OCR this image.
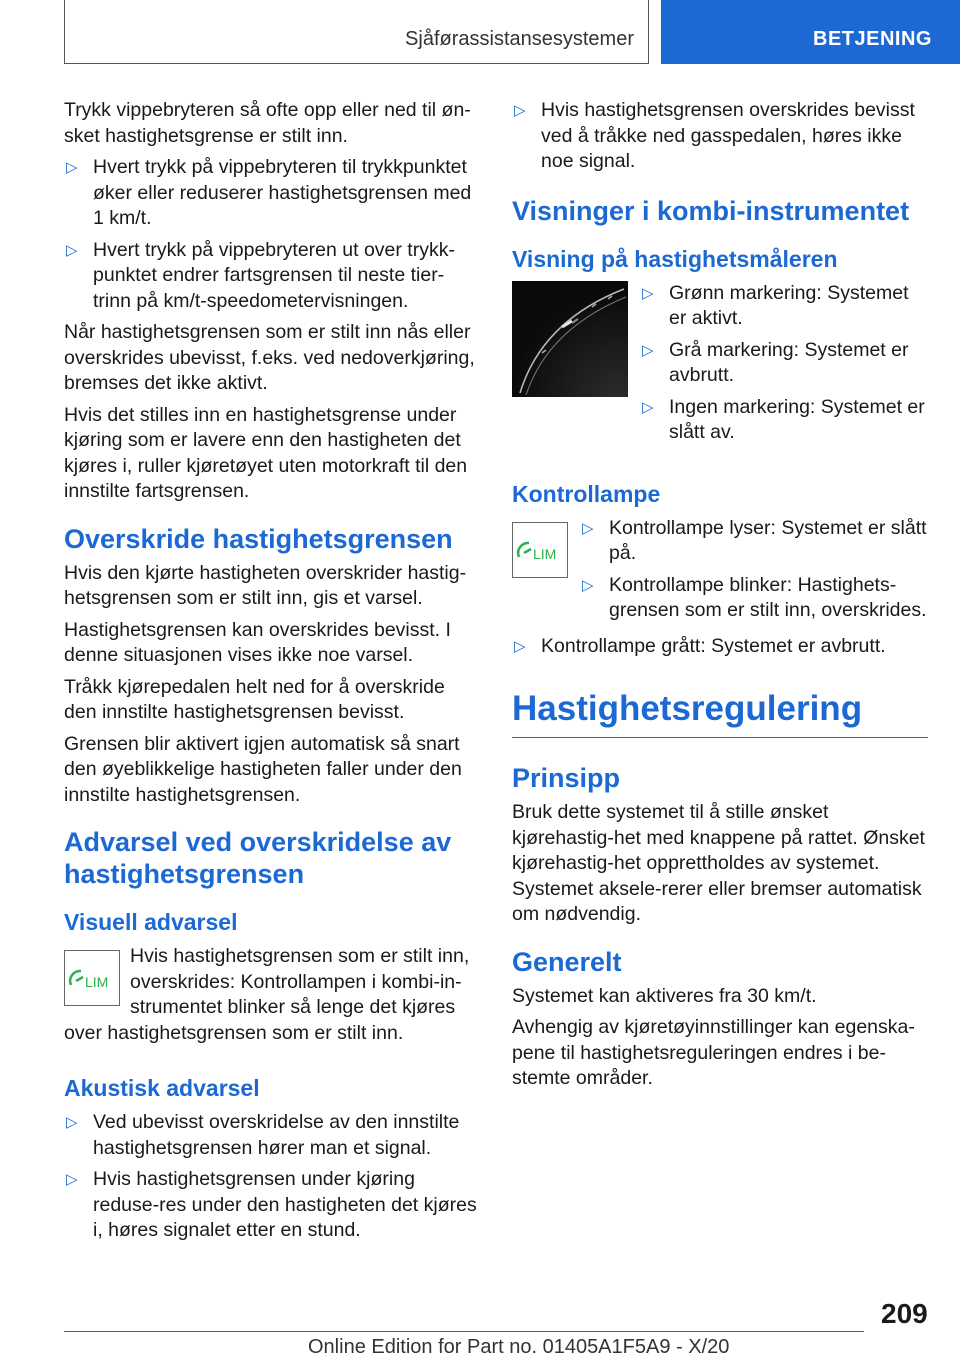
Sjåførassistansesystemer	BETJENING

Trykk vippebryteren så ofte opp eller ned til øn-sket hastighetsgrense er stilt inn.

▷ Hvert trykk på vippebryteren til trykkpunktet øker eller reduserer hastighetsgrensen med 1 km/t.
▷ Hvert trykk på vippebryteren ut over trykk-punktet endrer fartsgrensen til neste tier-trinn på km/t-speedometervisningen.

Når hastighetsgrensen som er stilt inn nås eller overskrides ubevisst, f.eks. ved nedoverkjøring, bremses det ikke aktivt.

Hvis det stilles inn en hastighetsgrense under kjøring som er lavere enn den hastigheten det kjøres i, ruller kjøretøyet uten motorkraft til den innstilte fartsgrensen.

Overskride hastighetsgrensen

Hvis den kjørte hastigheten overskrider hastig-hetsgrensen som er stilt inn, gis et varsel.

Hastighetsgrensen kan overskrides bevisst. I denne situasjonen vises ikke noe varsel.

Tråkk kjørepedalen helt ned for å overskride den innstilte hastighetsgrensen bevisst.

Grensen blir aktivert igjen automatisk så snart den øyeblikkelige hastigheten faller under den innstilte hastighetsgrensen.

Advarsel ved overskridelse av hastighetsgrensen
Visuell advarsel
LIM

Hvis hastighetsgrensen som er stilt inn, overskrides: Kontrollampen i kombi-in-strumentet blinker så lenge det kjøres over hastighetsgrensen som er stilt inn.

Akustisk advarsel
▷ Ved ubevisst overskridelse av den innstilte hastighetsgrensen hører man et signal.
▷ Hvis hastighetsgrensen under kjøring reduse-res under den hastigheten det kjøres i, høres signalet etter en stund.
▷ Hvis hastighetsgrensen overskrides bevisst ved å tråkke ned gasspedalen, høres ikke noe signal.
Visninger i kombi-instrumentet
Visning på hastighetsmåleren
▷ Grønn markering: Systemet er aktivt.
▷ Grå markering: Systemet er avbrutt.
▷ Ingen markering: Systemet er slått av.
Kontrollampe
LIM
▷ Kontrollampe lyser: Systemet er slått på.
▷ Kontrollampe blinker: Hastighets-grensen som er stilt inn, overskrides.
▷ Kontrollampe grått: Systemet er avbrutt.
Hastighetsregulering
Prinsipp

Bruk dette systemet til å stille ønsket kjørehastig-het med knappene på rattet. Ønsket kjørehastig-het opprettholdes av systemet. Systemet aksele-rerer eller bremser automatisk om nødvendig.

Generelt

Systemet kan aktiveres fra 30 km/t.

Avhengig av kjøretøyinnstillinger kan egenska-pene til hastighetsreguleringen endres i be-stemte områder.

209
Online Edition for Part no. 01405A1F5A9 - X/20
